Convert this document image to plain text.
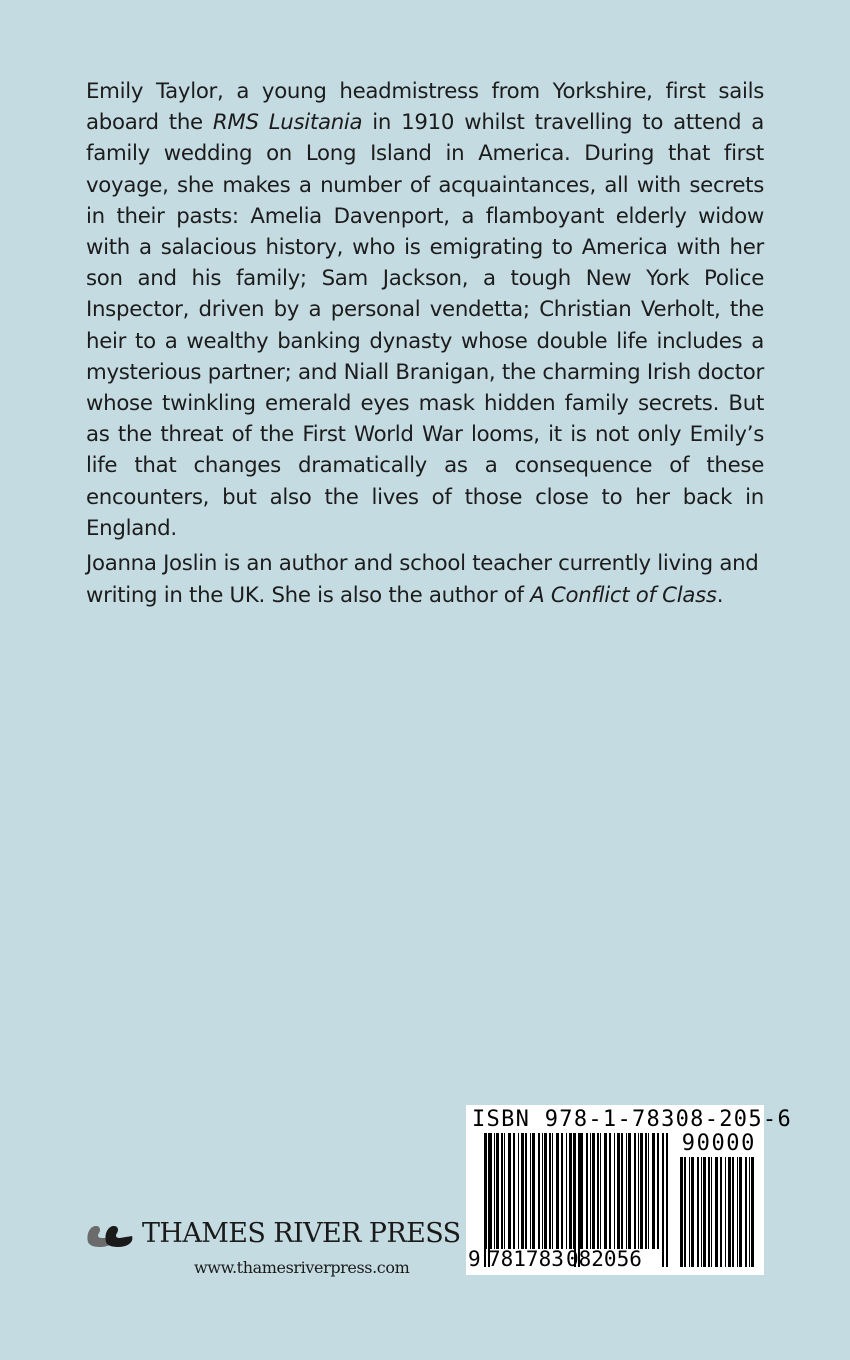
Emily Taylor, a young headmistress from Yorkshire, first sails aboard the RMS Lusitania in 1910 whilst travelling to attend a family wedding on Long Island in America. During that first voyage, she makes a number of acquaintances, all with secrets in their pasts: Amelia Davenport, a flamboyant elderly widow with a salacious history, who is emigrating to America with her son and his family; Sam Jackson, a tough New York Police Inspector, driven by a personal vendetta; Christian Verholt, the heir to a wealthy banking dynasty whose double life includes a mysterious partner; and Niall Branigan, the charming Irish doctor whose twinkling emerald eyes mask hidden family secrets. But as the threat of the First World War looms, it is not only Emily’s life that changes dramatically as a consequence of these encounters, but also the lives of those close to her back in England.

Joanna Joslin is an author and school teacher currently living and writing in the UK. She is also the author of A Conflict of Class.

THAMES RIVER PRESS
www.thamesriverpress.com
ISBN 978-1-78308-205-6
90000
9 781783 082056
